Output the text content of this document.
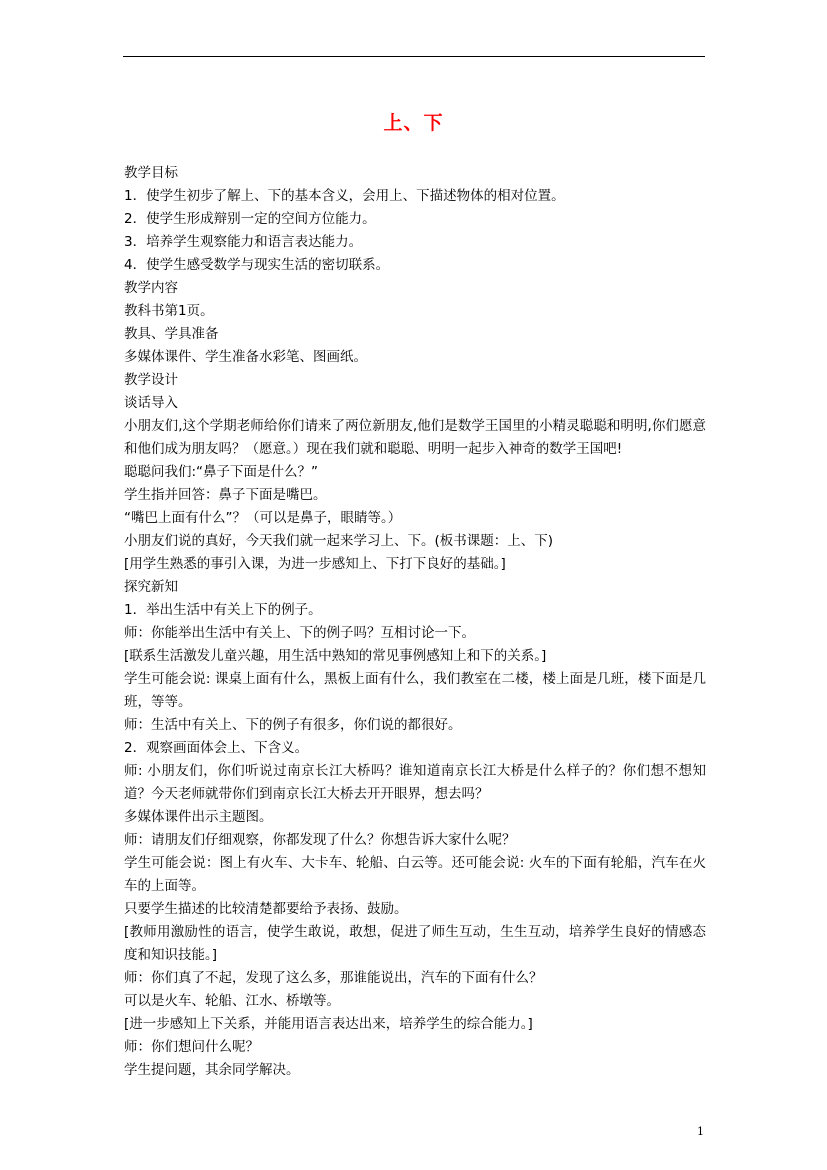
上、下

教学目标

1．使学生初步了解上、下的基本含义，会用上、下描述物体的相对位置。

2．使学生形成辩别一定的空间方位能力。

3．培养学生观察能力和语言表达能力。

4．使学生感受数学与现实生活的密切联系。

教学内容

教科书第1页。

教具、学具准备

多媒体课件、学生准备水彩笔、图画纸。

教学设计

谈话导入

小朋友们,这个学期老师给你们请来了两位新朋友,他们是数学王国里的小精灵聪聪和明明,你们愿意和他们成为朋友吗？（愿意。）现在我们就和聪聪、明明一起步入神奇的数学王国吧!

聪聪问我们:“鼻子下面是什么？”

学生指并回答：鼻子下面是嘴巴。

“嘴巴上面有什么”？（可以是鼻子，眼睛等。）

小朋友们说的真好，今天我们就一起来学习上、下。(板书课题：上、下)

[用学生熟悉的事引入课，为进一步感知上、下打下良好的基础。]

探究新知

1．举出生活中有关上下的例子。

师：你能举出生活中有关上、下的例子吗？互相讨论一下。

[联系生活激发儿童兴趣，用生活中熟知的常见事例感知上和下的关系。]

学生可能会说: 课桌上面有什么，黑板上面有什么，我们教室在二楼，楼上面是几班，楼下面是几班，等等。

师：生活中有关上、下的例子有很多，你们说的都很好。

2．观察画面体会上、下含义。

师: 小朋友们，你们听说过南京长江大桥吗？谁知道南京长江大桥是什么样子的？你们想不想知道？今天老师就带你们到南京长江大桥去开开眼界，想去吗？

多媒体课件出示主题图。

师：请朋友们仔细观察，你都发现了什么？你想告诉大家什么呢？

学生可能会说：图上有火车、大卡车、轮船、白云等。还可能会说: 火车的下面有轮船，汽车在火车的上面等。

只要学生描述的比较清楚都要给予表扬、鼓励。

[教师用激励性的语言，使学生敢说，敢想，促进了师生互动，生生互动，培养学生良好的情感态度和知识技能。]

师：你们真了不起，发现了这么多，那谁能说出，汽车的下面有什么？

可以是火车、轮船、江水、桥墩等。

[进一步感知上下关系，并能用语言表达出来，培养学生的综合能力。]

师：你们想问什么呢？

学生提问题，其余同学解决。

1
